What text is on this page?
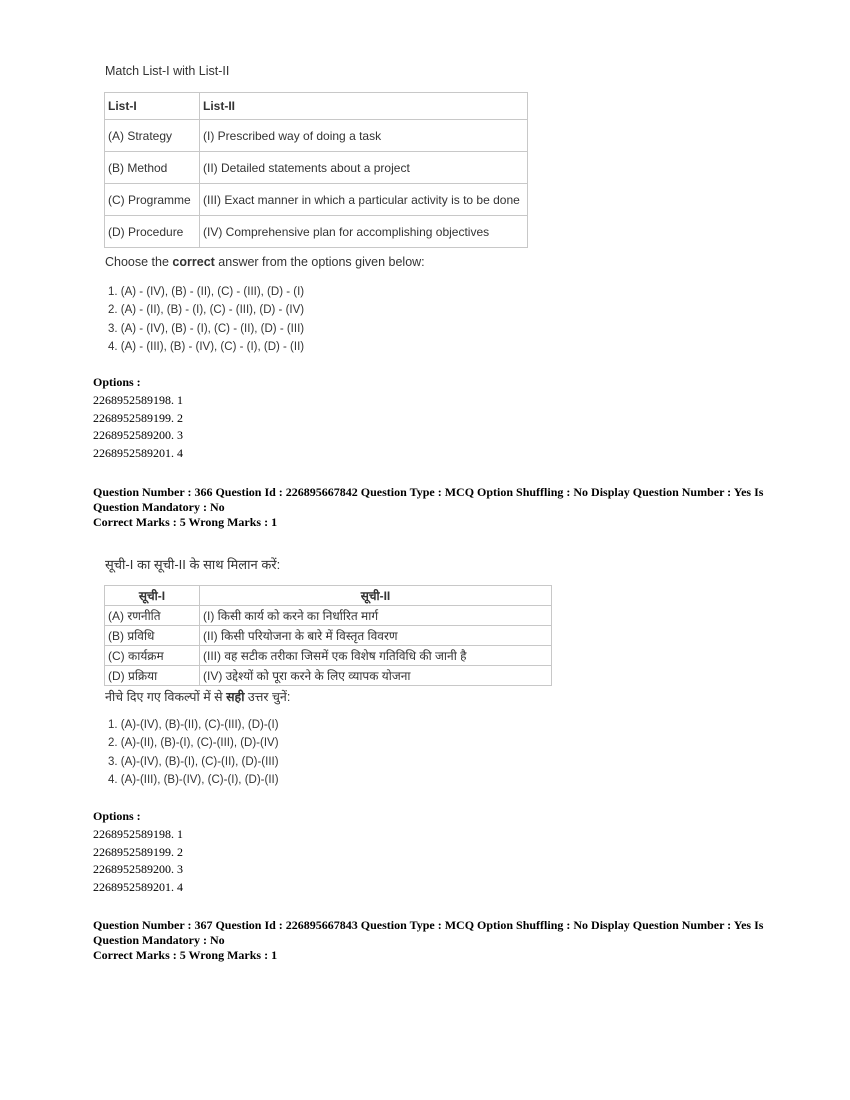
Match List-I with List-II
List-I	List-II
(A) Strategy	(I) Prescribed way of doing a task
(B) Method	(II) Detailed statements about a project
(C) Programme	(III) Exact manner in which a particular activity is to be done
(D) Procedure	(IV) Comprehensive plan for accomplishing objectives
Choose the correct answer from the options given below:
1. (A) - (IV), (B) - (II), (C) - (III), (D) - (I)
2. (A) - (II), (B) - (I), (C) - (III), (D) - (IV)
3. (A) - (IV), (B) - (I), (C) - (II), (D) - (III)
4. (A) - (III), (B) - (IV), (C) - (I), (D) - (II)
Options :
2268952589198. 1
2268952589199. 2
2268952589200. 3
2268952589201. 4
Question Number : 366 Question Id : 226895667842 Question Type : MCQ Option Shuffling : No Display Question Number : Yes Is
Question Mandatory : No
Correct Marks : 5 Wrong Marks : 1
सूची-I का सूची-II के साथ मिलान करें:
सूची-I	सूची-II
(A) रणनीति	(I) किसी कार्य को करने का निर्धारित मार्ग
(B) प्रविधि	(II) किसी परियोजना के बारे में विस्तृत विवरण
(C) कार्यक्रम	(III) वह सटीक तरीका जिसमें एक विशेष गतिविधि की जानी है
(D) प्रक्रिया	(IV) उद्देश्यों को पूरा करने के लिए व्यापक योजना
नीचे दिए गए विकल्पों में से सही उत्तर चुनें:
1. (A)-(IV), (B)-(II), (C)-(III), (D)-(I)
2. (A)-(II), (B)-(I), (C)-(III), (D)-(IV)
3. (A)-(IV), (B)-(I), (C)-(II), (D)-(III)
4. (A)-(III), (B)-(IV), (C)-(I), (D)-(II)
Options :
2268952589198. 1
2268952589199. 2
2268952589200. 3
2268952589201. 4
Question Number : 367 Question Id : 226895667843 Question Type : MCQ Option Shuffling : No Display Question Number : Yes Is
Question Mandatory : No
Correct Marks : 5 Wrong Marks : 1
